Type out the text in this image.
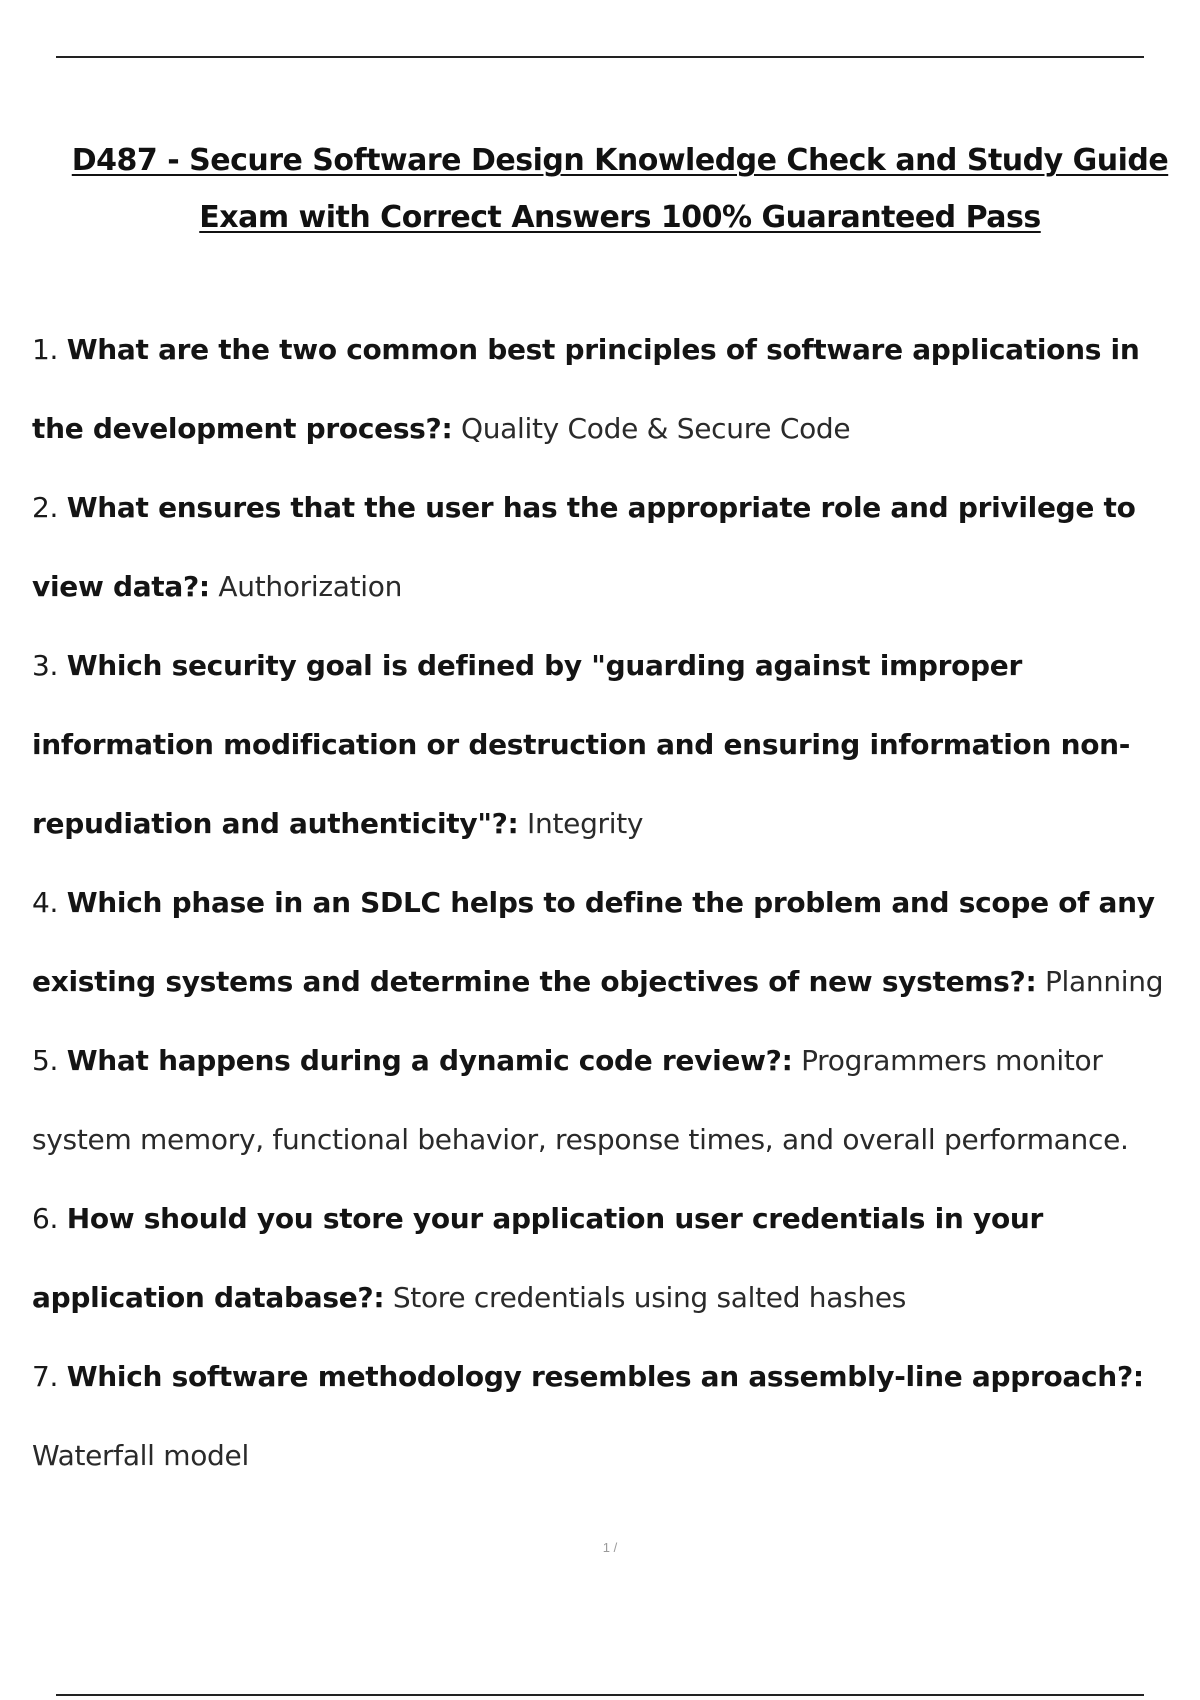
D487 - Secure Software Design Knowledge Check and Study Guide
Exam with Correct Answers 100% Guaranteed Pass
1. What are the two common best principles of software applications in the development process?: Quality Code & Secure Code
2. What ensures that the user has the appropriate role and privilege to view data?: Authorization
3. Which security goal is defined by "guarding against improper information modification or destruction and ensuring information non-repudiation and authenticity"?: Integrity
4. Which phase in an SDLC helps to define the problem and scope of any existing systems and determine the objectives of new systems?: Planning
5. What happens during a dynamic code review?: Programmers monitor system memory, functional behavior, response times, and overall performance.
6. How should you store your application user credentials in your application database?: Store credentials using salted hashes
7. Which software methodology resembles an assembly-line approach?: Waterfall model
1 /
